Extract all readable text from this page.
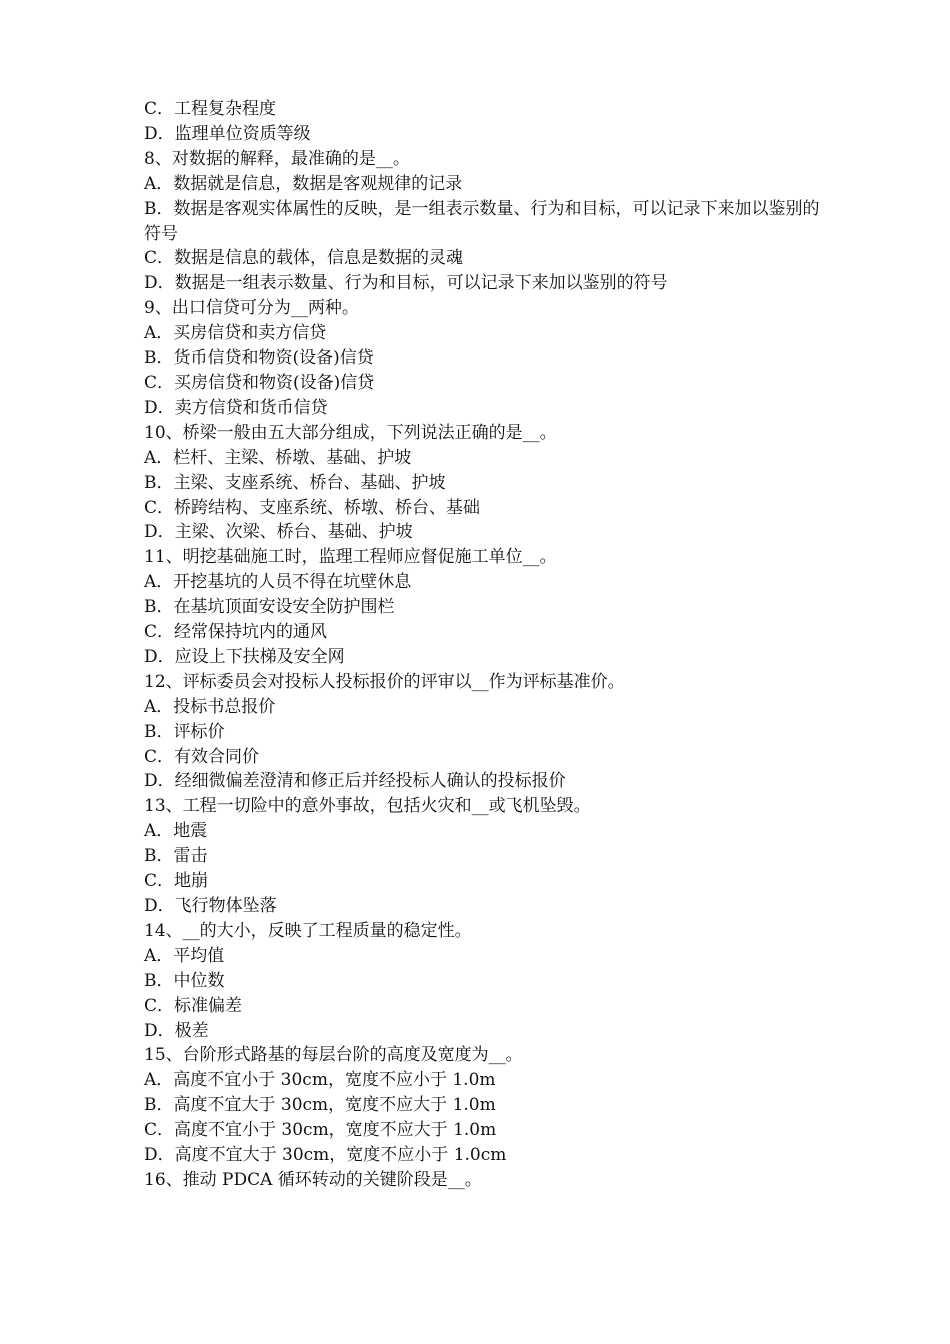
C．工程复杂程度

D．监理单位资质等级

8、对数据的解释，最准确的是__。

A．数据就是信息，数据是客观规律的记录

B．数据是客观实体属性的反映，是一组表示数量、行为和目标，可以记录下来加以鉴别的符号

C．数据是信息的载体，信息是数据的灵魂

D．数据是一组表示数量、行为和目标，可以记录下来加以鉴别的符号

9、出口信贷可分为__两种。

A．买房信贷和卖方信贷

B．货币信贷和物资(设备)信贷

C．买房信贷和物资(设备)信贷

D．卖方信贷和货币信贷

10、桥梁一般由五大部分组成，下列说法正确的是__。

A．栏杆、主梁、桥墩、基础、护坡

B．主梁、支座系统、桥台、基础、护坡

C．桥跨结构、支座系统、桥墩、桥台、基础

D．主梁、次梁、桥台、基础、护坡

11、明挖基础施工时，监理工程师应督促施工单位__。

A．开挖基坑的人员不得在坑壁休息

B．在基坑顶面安设安全防护围栏

C．经常保持坑内的通风

D．应设上下扶梯及安全网

12、评标委员会对投标人投标报价的评审以__作为评标基准价。

A．投标书总报价

B．评标价

C．有效合同价

D．经细微偏差澄清和修正后并经投标人确认的投标报价

13、工程一切险中的意外事故，包括火灾和__或飞机坠毁。

A．地震

B．雷击

C．地崩

D．飞行物体坠落

14、__的大小，反映了工程质量的稳定性。

A．平均值

B．中位数

C．标准偏差

D．极差

15、台阶形式路基的每层台阶的高度及宽度为__。

A．高度不宜小于 30cm，宽度不应小于 1.0m

B．高度不宜大于 30cm，宽度不应大于 1.0m

C．高度不宜小于 30cm，宽度不应大于 1.0m

D．高度不宜大于 30cm，宽度不应小于 1.0cm

16、推动 PDCA 循环转动的关键阶段是__。
